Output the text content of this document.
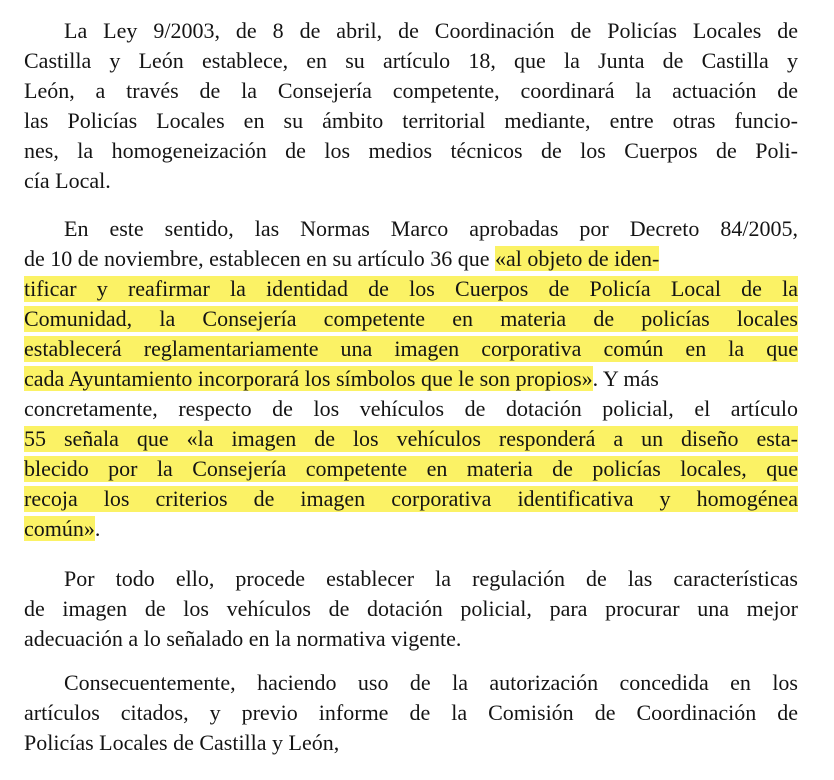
La Ley 9/2003, de 8 de abril, de Coordinación de Policías Locales de
Castilla y León establece, en su artículo 18, que la Junta de Castilla y
León, a través de la Consejería competente, coordinará la actuación de
las Policías Locales en su ámbito territorial mediante, entre otras funcio-
nes, la homogeneización de los medios técnicos de los Cuerpos de Poli-
cía Local.
En este sentido, las Normas Marco aprobadas por Decreto 84/2005,
de 10 de noviembre, establecen en su artículo 36 que «al objeto de iden-
tificar y reafirmar la identidad de los Cuerpos de Policía Local de la
Comunidad, la Consejería competente en materia de policías locales
establecerá reglamentariamente una imagen corporativa común en la que
cada Ayuntamiento incorporará los símbolos que le son propios». Y más
concretamente, respecto de los vehículos de dotación policial, el artículo
55 señala que «la imagen de los vehículos responderá a un diseño esta-
blecido por la Consejería competente en materia de policías locales, que
recoja los criterios de imagen corporativa identificativa y homogénea
común».
Por todo ello, procede establecer la regulación de las características
de imagen de los vehículos de dotación policial, para procurar una mejor
adecuación a lo señalado en la normativa vigente.
Consecuentemente, haciendo uso de la autorización concedida en los
artículos citados, y previo informe de la Comisión de Coordinación de
Policías Locales de Castilla y León,
